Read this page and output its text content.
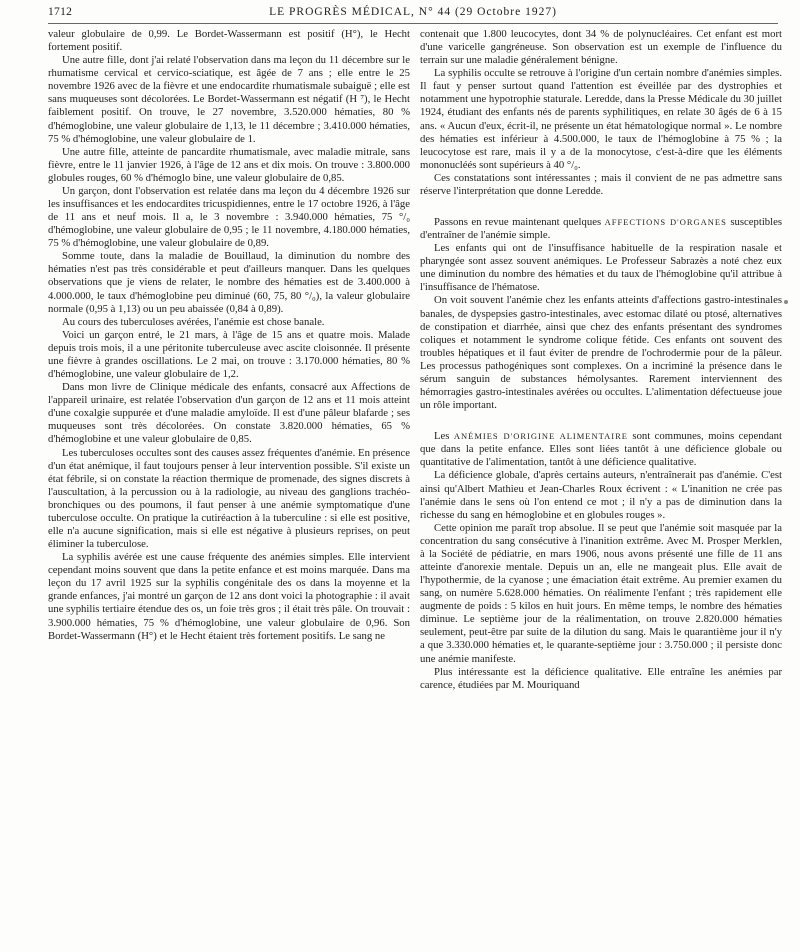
1712	LE PROGRÈS MÉDICAL, N° 44 (29 Octobre 1927)

valeur globulaire de 0,99. Le Bordet-Wassermann est positif (H°), le Hecht fortement positif.

Une autre fille, dont j'ai relaté l'observation dans ma leçon du 11 décembre sur le rhumatisme cervical et cervico-sciatique, est âgée de 7 ans ; elle entre le 25 novembre 1926 avec de la fièvre et une endocardite rhumatismale subaiguë ; elle est sans muqueuses sont décolorées. Le Bordet-Wassermann est négatif (H ⁷), le Hecht faiblement positif. On trouve, le 27 novembre, 3.520.000 hématies, 80 % d'hémoglobine, une valeur globulaire de 1,13, le 11 décembre ; 3.410.000 hématies, 75 % d'hémoglobine, une valeur globulaire de 1.

Une autre fille, atteinte de pancardite rhumatismale, avec maladie mitrale, sans fièvre, entre le 11 janvier 1926, à l'âge de 12 ans et dix mois. On trouve : 3.800.000 globules rouges, 60 % d'hémoglo bine, une valeur globulaire de 0,85.

Un garçon, dont l'observation est relatée dans ma leçon du 4 décembre 1926 sur les insuffisances et les endocardites tricuspidiennes, entre le 17 octobre 1926, à l'âge de 11 ans et neuf mois. Il a, le 3 novembre : 3.940.000 hématies, 75 °/₀ d'hémoglobine, une valeur globulaire de 0,95 ; le 11 novembre, 4.180.000 hématies, 75 % d'hémoglobine, une valeur globulaire de 0,89.

Somme toute, dans la maladie de Bouillaud, la diminution du nombre des hématies n'est pas très considérable et peut d'ailleurs manquer. Dans les quelques observations que je viens de relater, le nombre des hématies est de 3.400.000 à 4.000.000, le taux d'hémoglobine peu diminué (60, 75, 80 °/₀), la valeur globulaire normale (0,95 à 1,13) ou un peu abaissée (0,84 à 0,89).

Au cours des tuberculoses avérées, l'anémie est chose banale.

Voici un garçon entré, le 21 mars, à l'âge de 15 ans et quatre mois. Malade depuis trois mois, il a une péritonite tuberculeuse avec ascite cloisonnée. Il présente une fièvre à grandes oscillations. Le 2 mai, on trouve : 3.170.000 hématies, 80 % d'hémoglobine, une valeur globulaire de 1,2.

Dans mon livre de Clinique médicale des enfants, consacré aux Affections de l'appareil urinaire, est relatée l'observation d'un garçon de 12 ans et 11 mois atteint d'une coxalgie suppurée et d'une maladie amyloïde. Il est d'une pâleur blafarde ; ses muqueuses sont très décolorées. On constate 3.820.000 hématies, 65 % d'hémoglobine et une valeur globulaire de 0,85.

Les tuberculoses occultes sont des causes assez fréquentes d'anémie. En présence d'un état anémique, il faut toujours penser à leur intervention possible. S'il existe un état fébrile, si on constate la réaction thermique de promenade, des signes discrets à l'auscultation, à la percussion ou à la radiologie, au niveau des ganglions trachéo-bronchiques ou des poumons, il faut penser à une anémie symptomatique d'une tuberculose occulte. On pratique la cutiréaction à la tuberculine : si elle est positive, elle n'a aucune signification, mais si elle est négative à plusieurs reprises, on peut éliminer la tuberculose.

La syphilis avérée est une cause fréquente des anémies simples. Elle intervient cependant moins souvent que dans la petite enfance et est moins marquée. Dans ma leçon du 17 avril 1925 sur la syphilis congénitale des os dans la moyenne et la grande enfances, j'ai montré un garçon de 12 ans dont voici la photographie : il avait une syphilis tertiaire étendue des os, un foie très gros ; il était très pâle. On trouvait : 3.900.000 hématies, 75 % d'hémoglobine, une valeur globulaire de 0,96. Son Bordet-Wassermann (H°) et le Hecht étaient très fortement positifs. Le sang ne

contenait que 1.800 leucocytes, dont 34 % de polynucléaires. Cet enfant est mort d'une varicelle gangréneuse. Son observation est un exemple de l'influence du terrain sur une maladie généralement bénigne.

La syphilis occulte se retrouve à l'origine d'un certain nombre d'anémies simples. Il faut y penser surtout quand l'attention est éveillée par des dystrophies et notamment une hypotrophie staturale. Leredde, dans la Presse Médicale du 30 juillet 1924, étudiant des enfants nés de parents syphilitiques, en relate 30 âgés de 6 à 15 ans. « Aucun d'eux, écrit-il, ne présente un état hématologique normal ». Le nombre des hématies est inférieur à 4.500.000, le taux de l'hémoglobine à 75 % ; la leucocytose est rare, mais il y a de la monocytose, c'est-à-dire que les éléments mononucléés sont supérieurs à 40 °/₀.

Ces constatations sont intéressantes ; mais il convient de ne pas admettre sans réserve l'interprétation que donne Leredde.

Passons en revue maintenant quelques AFFECTIONS D'ORGANES susceptibles d'entraîner de l'anémie simple.

Les enfants qui ont de l'insuffisance habituelle de la respiration nasale et pharyngée sont assez souvent anémiques. Le Professeur Sabrazès a noté chez eux une diminution du nombre des hématies et du taux de l'hémoglobine qu'il attribue à l'insuffisance de l'hématose.

On voit souvent l'anémie chez les enfants atteints d'affections gastro-intestinales banales, de dyspepsies gastro-intestinales, avec estomac dilaté ou ptosé, alternatives de constipation et diarrhée, ainsi que chez des enfants présentant des syndromes coliques et notamment le syndrome colique fétide. Ces enfants ont souvent des troubles hépatiques et il faut éviter de prendre de l'ochrodermie pour de la pâleur. Les processus pathogéniques sont complexes. On a incriminé la présence dans le sérum sanguin de substances hémolysantes. Rarement interviennent des hémorragies gastro-intestinales avérées ou occultes. L'alimentation défectueuse joue un rôle important.

Les ANÉMIES D'ORIGINE ALIMENTAIRE sont communes, moins cependant que dans la petite enfance. Elles sont liées tantôt à une déficience globale ou quantitative de l'alimentation, tantôt à une déficience qualitative.

La déficience globale, d'après certains auteurs, n'entraînerait pas d'anémie. C'est ainsi qu'Albert Mathieu et Jean-Charles Roux écrivent : « L'inanition ne crée pas l'anémie dans le sens où l'on entend ce mot ; il n'y a pas de diminution dans la richesse du sang en hémoglobine et en globules rouges ».

Cette opinion me paraît trop absolue. Il se peut que l'anémie soit masquée par la concentration du sang consécutive à l'inanition extrême. Avec M. Prosper Merklen, à la Société de pédiatrie, en mars 1906, nous avons présenté une fille de 11 ans atteinte d'anorexie mentale. Depuis un an, elle ne mangeait plus. Elle avait de l'hypothermie, de la cyanose ; une émaciation était extrême. Au premier examen du sang, on numère 5.628.000 hématies. On réalimente l'enfant ; très rapidement elle augmente de poids : 5 kilos en huit jours. En même temps, le nombre des hématies diminue. Le septième jour de la réalimentation, on trouve 2.820.000 hématies seulement, peut-être par suite de la dilution du sang. Mais le quarantième jour il n'y a que 3.330.000 hématies et, le quarante-septième jour : 3.750.000 ; il persiste donc une anémie manifeste.

Plus intéressante est la déficience qualitative. Elle entraîne les anémies par carence, étudiées par M. Mouriquand
